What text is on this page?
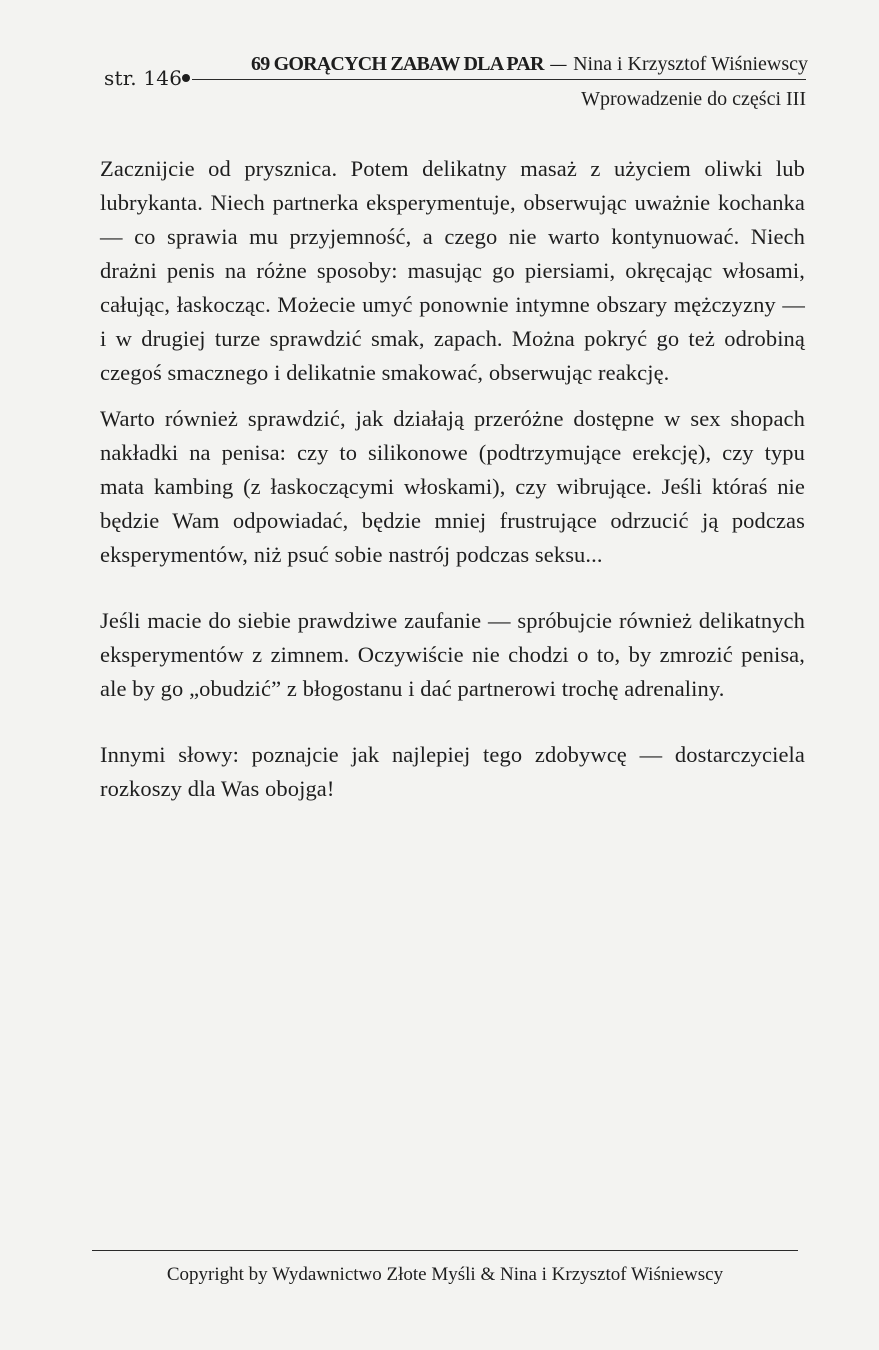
str. 146
69 GORĄCYCH ZABAW DLA PAR — Nina i Krzysztof Wiśniewscy
Wprowadzenie do części III

Zacznijcie od prysznica. Potem delikatny masaż z użyciem oliwki lub lubrykanta. Niech partnerka eksperymentuje, obserwując uważnie kochanka — co sprawia mu przyjemność, a czego nie warto kontynuować. Niech drażni penis na różne sposoby: masując go piersiami, okręcając włosami, całując, łaskocząc. Możecie umyć ponownie intymne obszary mężczyzny — i w drugiej turze sprawdzić smak, zapach. Można pokryć go też odrobiną czegoś smacznego i delikatnie smakować, obserwując reakcję.

Warto również sprawdzić, jak działają przeróżne dostępne w sex shopach nakładki na penisa: czy to silikonowe (podtrzymujące erekcję), czy typu mata kambing (z łaskoczącymi włoskami), czy wibrujące. Jeśli któraś nie będzie Wam odpowiadać, będzie mniej frustrujące odrzucić ją podczas eksperymentów, niż psuć sobie nastrój podczas seksu...

Jeśli macie do siebie prawdziwe zaufanie — spróbujcie również delikatnych eksperymentów z zimnem. Oczywiście nie chodzi o to, by zmrozić penisa, ale by go „obudzić” z błogostanu i dać partnerowi trochę adrenaliny.

Innymi słowy: poznajcie jak najlepiej tego zdobywcę — dostarczyciela rozkoszy dla Was obojga!

Copyright by Wydawnictwo Złote Myśli & Nina i Krzysztof Wiśniewscy
